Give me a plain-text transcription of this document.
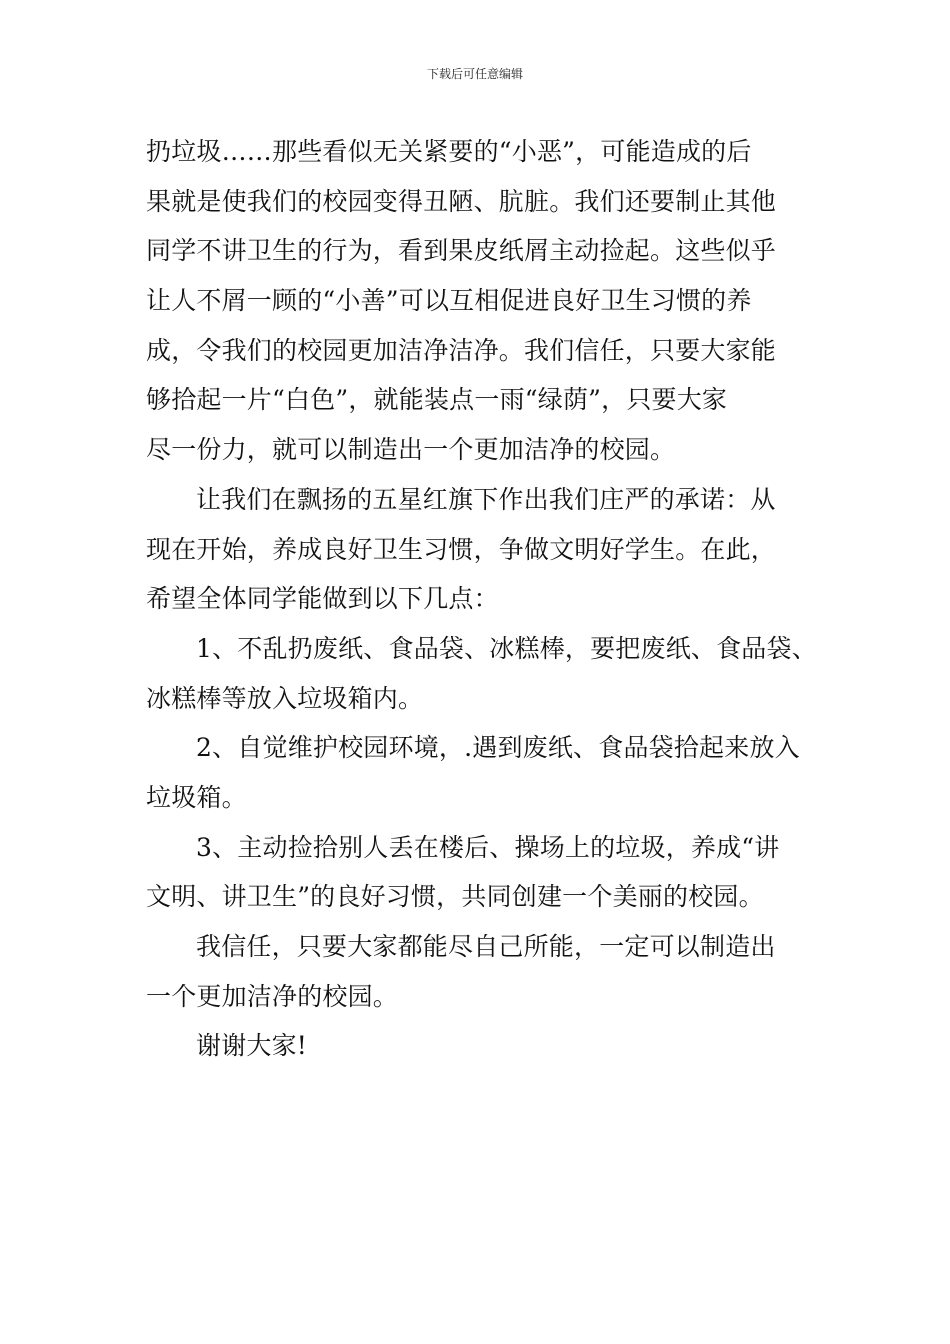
下载后可任意编辑
扔垃圾……那些看似无关紧要的“小恶”，可能造成的后
果就是使我们的校园变得丑陋、肮脏。我们还要制止其他
同学不讲卫生的行为，看到果皮纸屑主动捡起。这些似乎
让人不屑一顾的“小善”可以互相促进良好卫生习惯的养
成，令我们的校园更加洁净洁净。我们信任，只要大家能
够拾起一片“白色”，就能装点一雨“绿荫”，只要大家
尽一份力，就可以制造出一个更加洁净的校园。
让我们在飘扬的五星红旗下作出我们庄严的承诺：从
现在开始，养成良好卫生习惯，争做文明好学生。在此，
希望全体同学能做到以下几点：
1、不乱扔废纸、食品袋、冰糕棒，要把废纸、食品袋、
冰糕棒等放入垃圾箱内。
2、自觉维护校园环境，.遇到废纸、食品袋拾起来放入
垃圾箱。
3、主动捡拾别人丢在楼后、操场上的垃圾，养成“讲
文明、讲卫生”的良好习惯，共同创建一个美丽的校园。
我信任，只要大家都能尽自己所能，一定可以制造出
一个更加洁净的校园。
谢谢大家!
